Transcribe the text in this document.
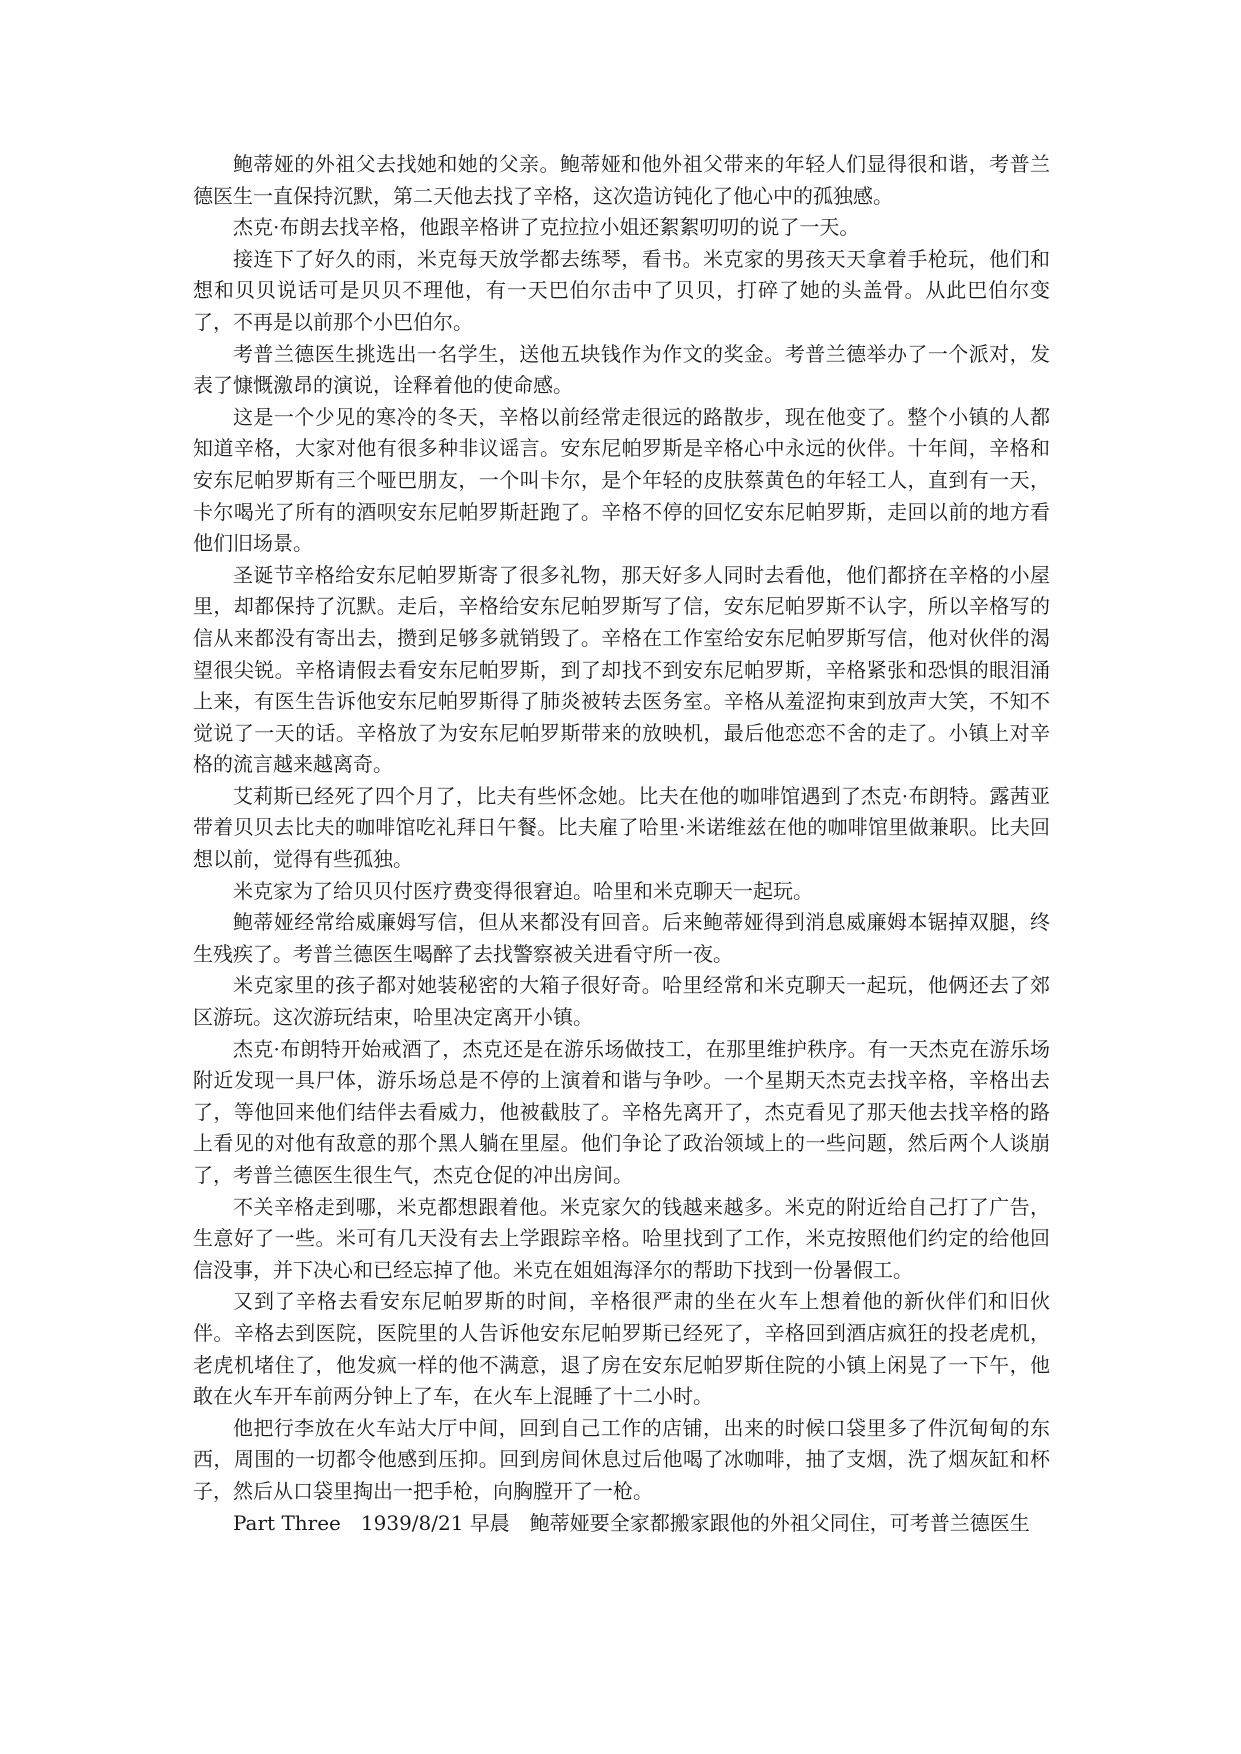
鲍蒂娅的外祖父去找她和她的父亲。鲍蒂娅和他外祖父带来的年轻人们显得很和谐，考普兰德医生一直保持沉默，第二天他去找了辛格，这次造访钝化了他心中的孤独感。

杰克·布朗去找辛格，他跟辛格讲了克拉拉小姐还絮絮叨叨的说了一天。

接连下了好久的雨，米克每天放学都去练琴，看书。米克家的男孩天天拿着手枪玩，他们和想和贝贝说话可是贝贝不理他，有一天巴伯尔击中了贝贝，打碎了她的头盖骨。从此巴伯尔变了，不再是以前那个小巴伯尔。

考普兰德医生挑选出一名学生，送他五块钱作为作文的奖金。考普兰德举办了一个派对，发表了慷慨激昂的演说，诠释着他的使命感。

这是一个少见的寒冷的冬天，辛格以前经常走很远的路散步，现在他变了。整个小镇的人都知道辛格，大家对他有很多种非议谣言。安东尼帕罗斯是辛格心中永远的伙伴。十年间，辛格和安东尼帕罗斯有三个哑巴朋友，一个叫卡尔，是个年轻的皮肤蔡黄色的年轻工人，直到有一天，卡尔喝光了所有的酒呗安东尼帕罗斯赶跑了。辛格不停的回忆安东尼帕罗斯，走回以前的地方看他们旧场景。

圣诞节辛格给安东尼帕罗斯寄了很多礼物，那天好多人同时去看他，他们都挤在辛格的小屋里，却都保持了沉默。走后，辛格给安东尼帕罗斯写了信，安东尼帕罗斯不认字，所以辛格写的信从来都没有寄出去，攒到足够多就销毁了。辛格在工作室给安东尼帕罗斯写信，他对伙伴的渴望很尖锐。辛格请假去看安东尼帕罗斯，到了却找不到安东尼帕罗斯，辛格紧张和恐惧的眼泪涌上来，有医生告诉他安东尼帕罗斯得了肺炎被转去医务室。辛格从羞涩拘束到放声大笑，不知不觉说了一天的话。辛格放了为安东尼帕罗斯带来的放映机，最后他恋恋不舍的走了。小镇上对辛格的流言越来越离奇。

艾莉斯已经死了四个月了，比夫有些怀念她。比夫在他的咖啡馆遇到了杰克·布朗特。露茜亚带着贝贝去比夫的咖啡馆吃礼拜日午餐。比夫雇了哈里·米诺维兹在他的咖啡馆里做兼职。比夫回想以前，觉得有些孤独。

米克家为了给贝贝付医疗费变得很窘迫。哈里和米克聊天一起玩。

鲍蒂娅经常给威廉姆写信，但从来都没有回音。后来鲍蒂娅得到消息威廉姆本锯掉双腿，终生残疾了。考普兰德医生喝醉了去找警察被关进看守所一夜。

米克家里的孩子都对她装秘密的大箱子很好奇。哈里经常和米克聊天一起玩，他俩还去了郊区游玩。这次游玩结束，哈里决定离开小镇。

杰克·布朗特开始戒酒了，杰克还是在游乐场做技工，在那里维护秩序。有一天杰克在游乐场附近发现一具尸体，游乐场总是不停的上演着和谐与争吵。一个星期天杰克去找辛格，辛格出去了，等他回来他们结伴去看威力，他被截肢了。辛格先离开了，杰克看见了那天他去找辛格的路上看见的对他有敌意的那个黑人躺在里屋。他们争论了政治领域上的一些问题，然后两个人谈崩了，考普兰德医生很生气，杰克仓促的冲出房间。

不关辛格走到哪，米克都想跟着他。米克家欠的钱越来越多。米克的附近给自己打了广告，生意好了一些。米可有几天没有去上学跟踪辛格。哈里找到了工作，米克按照他们约定的给他回信没事，并下决心和已经忘掉了他。米克在姐姐海泽尔的帮助下找到一份暑假工。

又到了辛格去看安东尼帕罗斯的时间，辛格很严肃的坐在火车上想着他的新伙伴们和旧伙伴。辛格去到医院，医院里的人告诉他安东尼帕罗斯已经死了，辛格回到酒店疯狂的投老虎机，老虎机堵住了，他发疯一样的他不满意，退了房在安东尼帕罗斯住院的小镇上闲晃了一下午，他敢在火车开车前两分钟上了车，在火车上混睡了十二小时。

他把行李放在火车站大厅中间，回到自己工作的店铺，出来的时候口袋里多了件沉甸甸的东西，周围的一切都令他感到压抑。回到房间休息过后他喝了冰咖啡，抽了支烟，洗了烟灰缸和杯子，然后从口袋里掏出一把手枪，向胸膛开了一枪。

Part Three　1939/8/21 早晨　鲍蒂娅要全家都搬家跟他的外祖父同住，可考普兰德医生
